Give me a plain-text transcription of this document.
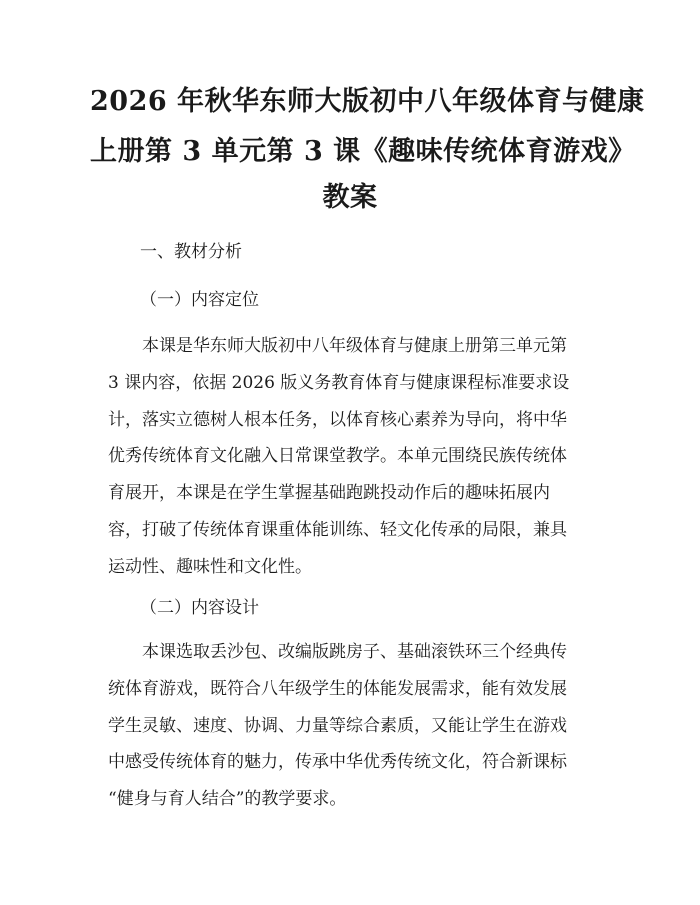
2026 年秋华东师大版初中八年级体育与健康
上册第 3 单元第 3 课《趣味传统体育游戏》
教案
一、教材分析
（一）内容定位
本课是华东师大版初中八年级体育与健康上册第三单元第
3 课内容，依据 2026 版义务教育体育与健康课程标准要求设
计，落实立德树人根本任务，以体育核心素养为导向，将中华
优秀传统体育文化融入日常课堂教学。本单元围绕民族传统体
育展开，本课是在学生掌握基础跑跳投动作后的趣味拓展内
容，打破了传统体育课重体能训练、轻文化传承的局限，兼具
运动性、趣味性和文化性。
（二）内容设计
本课选取丢沙包、改编版跳房子、基础滚铁环三个经典传
统体育游戏，既符合八年级学生的体能发展需求，能有效发展
学生灵敏、速度、协调、力量等综合素质，又能让学生在游戏
中感受传统体育的魅力，传承中华优秀传统文化，符合新课标
“健身与育人结合”的教学要求。
